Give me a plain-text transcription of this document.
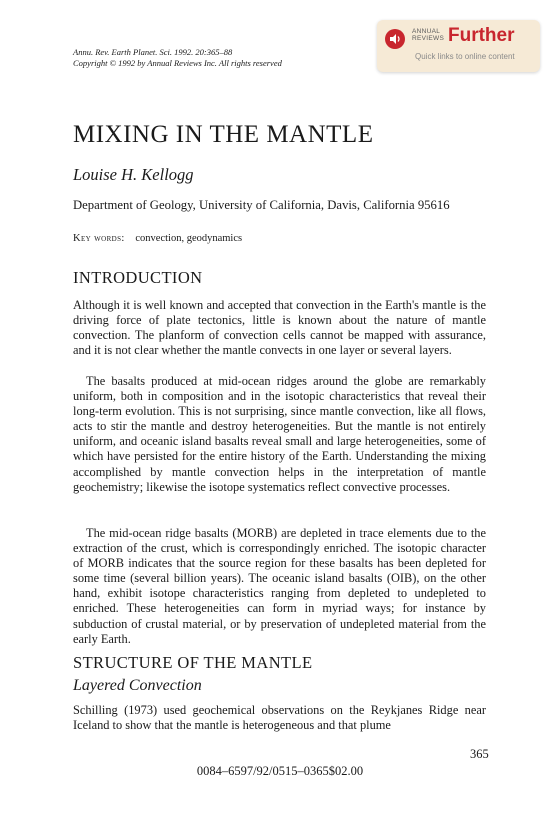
Annu. Rev. Earth Planet. Sci. 1992. 20:365–88
Copyright © 1992 by Annual Reviews Inc. All rights reserved
ANNUAL
REVIEWS Further
Quick links to online content
MIXING IN THE MANTLE
Louise H. Kellogg
Department of Geology, University of California, Davis, California 95616
Key words: convection, geodynamics
INTRODUCTION

Although it is well known and accepted that convection in the Earth's mantle is the driving force of plate tectonics, little is known about the nature of mantle convection. The planform of convection cells cannot be mapped with assurance, and it is not clear whether the mantle convects in one layer or several layers.

The basalts produced at mid-ocean ridges around the globe are remarkably uniform, both in composition and in the isotopic characteristics that reveal their long-term evolution. This is not surprising, since mantle convection, like all flows, acts to stir the mantle and destroy heterogeneities. But the mantle is not entirely uniform, and oceanic island basalts reveal small and large heterogeneities, some of which have persisted for the entire history of the Earth. Understanding the mixing accomplished by mantle convection helps in the interpretation of mantle geochemistry; likewise the isotope systematics reflect convective processes.

The mid-ocean ridge basalts (MORB) are depleted in trace elements due to the extraction of the crust, which is correspondingly enriched. The isotopic character of MORB indicates that the source region for these basalts has been depleted for some time (several billion years). The oceanic island basalts (OIB), on the other hand, exhibit isotope characteristics ranging from depleted to undepleted to enriched. These heterogeneities can form in myriad ways; for instance by subduction of crustal material, or by preservation of undepleted material from the early Earth.

STRUCTURE OF THE MANTLE
Layered Convection

Schilling (1973) used geochemical observations on the Reykjanes Ridge near Iceland to show that the mantle is heterogeneous and that plume

365
0084–6597/92/0515–0365$02.00
